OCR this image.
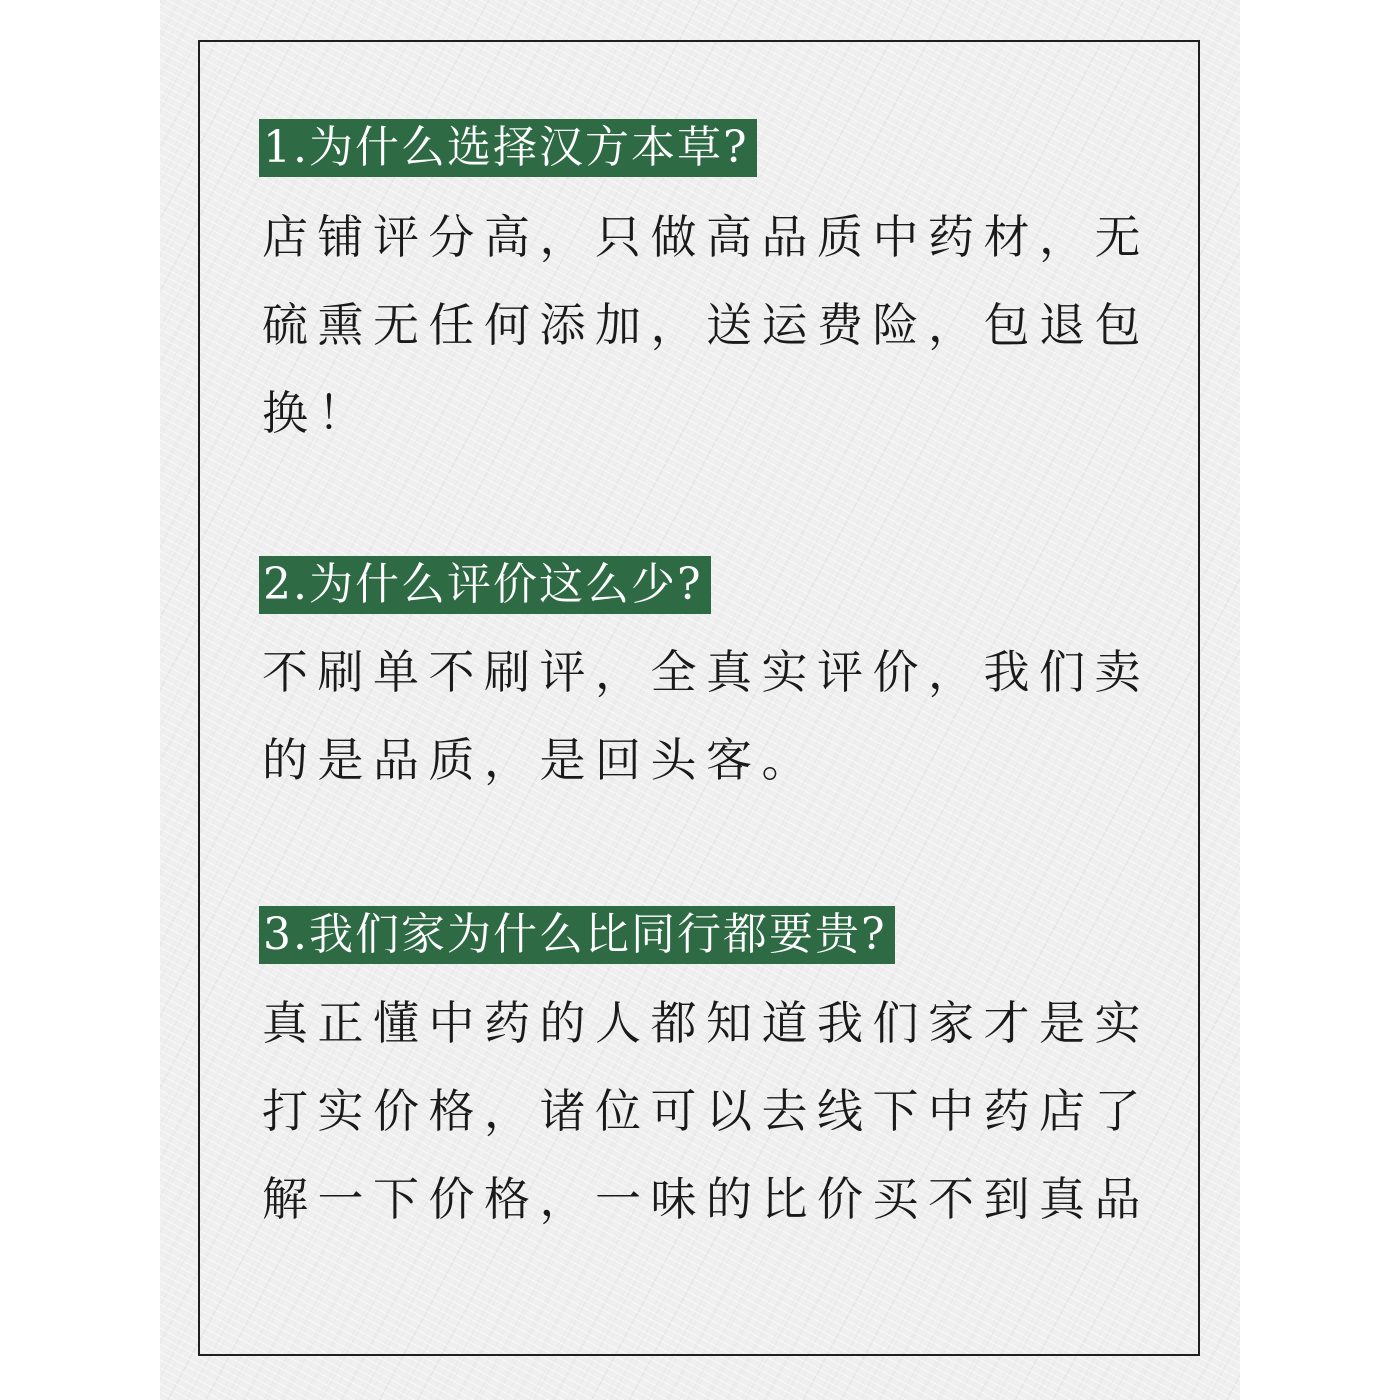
1.为什么选择汉方本草?

店铺评分高，只做高品质中药材，无硫熏无任何添加，送运费险，包退包换！

2.为什么评价这么少?

不刷单不刷评，全真实评价，我们卖的是品质，是回头客。

3.我们家为什么比同行都要贵?

真正懂中药的人都知道我们家才是实打实价格，诸位可以去线下中药店了解一下价格，一味的比价买不到真品
